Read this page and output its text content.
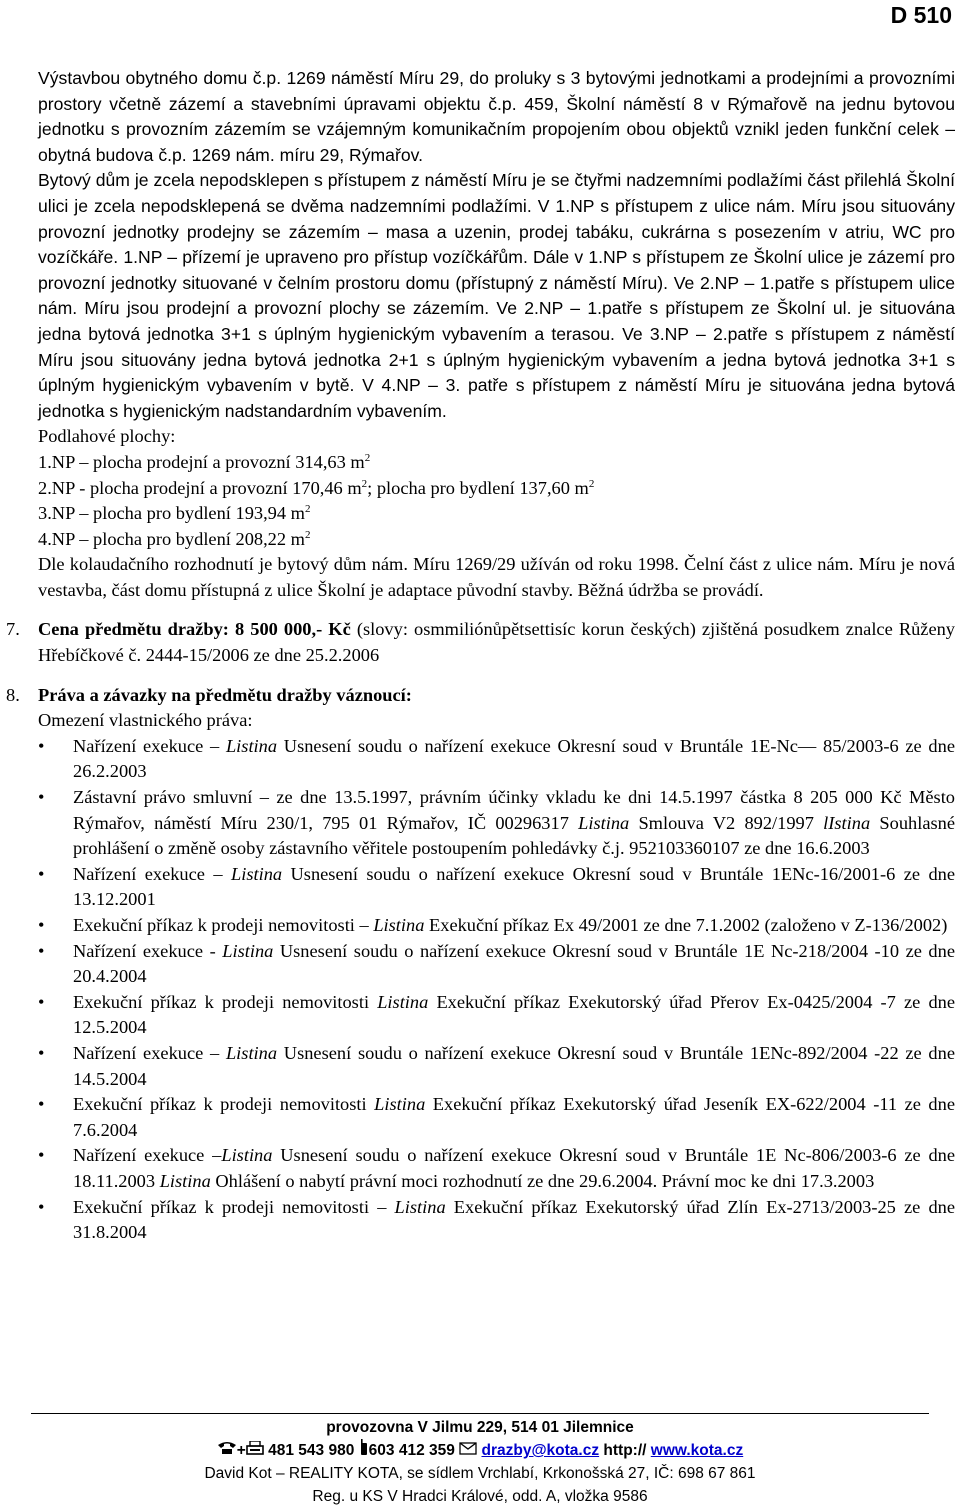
D 510

Výstavbou obytného domu č.p. 1269 náměstí Míru 29, do proluky s 3 bytovými jednotkami a prodejními a provozními prostory včetně zázemí a stavebními úpravami objektu č.p. 459, Školní náměstí 8 v Rýmařově na jednu bytovou jednotku s provozním zázemím se vzájemným komunikačním propojením obou objektů vznikl jeden funkční celek – obytná budova č.p. 1269 nám. míru 29, Rýmařov.

Bytový dům je zcela nepodsklepen s přístupem z náměstí Míru je se čtyřmi nadzemními podlažími část přilehlá Školní ulici je zcela nepodsklepená se dvěma nadzemními podlažími. V 1.NP s přístupem z ulice nám. Míru jsou situovány provozní jednotky prodejny se zázemím – masa a uzenin, prodej tabáku, cukrárna s posezením v atriu, WC pro vozíčkáře. 1.NP – přízemí je upraveno pro přístup vozíčkářům. Dále v 1.NP s přístupem ze Školní ulice je zázemí pro provozní jednotky situované v čelním prostoru domu (přístupný z náměstí Míru). Ve 2.NP – 1.patře s přístupem ulice nám. Míru jsou prodejní a provozní plochy se zázemím. Ve 2.NP – 1.patře s přístupem ze Školní ul. je situována jedna bytová jednotka 3+1 s úplným hygienickým vybavením a terasou. Ve 3.NP – 2.patře s přístupem z náměstí Míru jsou situovány jedna bytová jednotka 2+1 s úplným hygienickým vybavením a jedna bytová jednotka 3+1 s úplným hygienickým vybavením v bytě. V 4.NP – 3. patře s přístupem z náměstí Míru je situována jedna bytová jednotka s hygienickým nadstandardním vybavením.

Podlahové plochy:

1.NP – plocha prodejní a provozní 314,63 $m^2$

2.NP - plocha prodejní a provozní 170,46 $m^2$; plocha pro bydlení 137,60 $m^2$

3.NP – plocha pro bydlení 193,94 $m^2$

4.NP – plocha pro bydlení 208,22 $m^2$

Dle kolaudačního rozhodnutí je bytový dům nám. Míru 1269/29 užíván od roku 1998. Čelní část z ulice nám. Míru je nová vestavba, část domu přístupná z ulice Školní je adaptace původní stavby. Běžná údržba se provádí.

7. Cena předmětu dražby: 8 500 000,- Kč (slovy: osmmiliónůpětsettisíc korun českých) zjištěná posudkem znalce Růženy Hřebíčkové č. 2444-15/2006 ze dne 25.2.2006
8. Práva a závazky na předmětu dražby váznoucí:

Omezení vlastnického práva:

• Nařízení exekuce – Listina Usnesení soudu o nařízení exekuce Okresní soud v Bruntále 1E-Nc— 85/2003-6 ze dne 26.2.2003
• Zástavní právo smluvní – ze dne 13.5.1997, právním účinky vkladu ke dni 14.5.1997 částka 8 205 000 Kč Město Rýmařov, náměstí Míru 230/1, 795 01 Rýmařov, IČ 00296317 Listina Smlouva V2 892/1997 lIstina Souhlasné prohlášení o změně osoby zástavního věřitele postoupením pohledávky č.j. 952103360107 ze dne 16.6.2003
• Nařízení exekuce – Listina Usnesení soudu o nařízení exekuce Okresní soud v Bruntále 1ENc-16/2001-6 ze dne 13.12.2001
• Exekuční příkaz k prodeji nemovitosti – Listina Exekuční příkaz Ex 49/2001 ze dne 7.1.2002 (založeno v Z-136/2002)
• Nařízení exekuce - Listina Usnesení soudu o nařízení exekuce Okresní soud v Bruntále 1E Nc-218/2004 -10 ze dne 20.4.2004
• Exekuční příkaz k prodeji nemovitosti Listina Exekuční příkaz Exekutorský úřad Přerov Ex-0425/2004 -7 ze dne 12.5.2004
• Nařízení exekuce – Listina Usnesení soudu o nařízení exekuce Okresní soud v Bruntále 1ENc-892/2004 -22 ze dne 14.5.2004
• Exekuční příkaz k prodeji nemovitosti Listina Exekuční příkaz Exekutorský úřad Jeseník EX-622/2004 -11 ze dne 7.6.2004
• Nařízení exekuce –Listina Usnesení soudu o nařízení exekuce Okresní soud v Bruntále 1E Nc-806/2003-6 ze dne 18.11.2003 Listina Ohlášení o nabytí právní moci rozhodnutí ze dne 29.6.2004. Právní moc ke dni 17.3.2003
• Exekuční příkaz k prodeji nemovitosti – Listina Exekuční příkaz Exekutorský úřad Zlín Ex-2713/2003-25 ze dne 31.8.2004
provozovna V Jilmu 229, 514 01 Jilemnice
+ 481 543 980 603 412 359 drazby@kota.cz http:// www.kota.cz
David Kot – REALITY KOTA, se sídlem Vrchlabí, Krkonošská 27, IČ: 698 67 861
Reg. u KS V Hradci Králové, odd. A, vložka 9586
